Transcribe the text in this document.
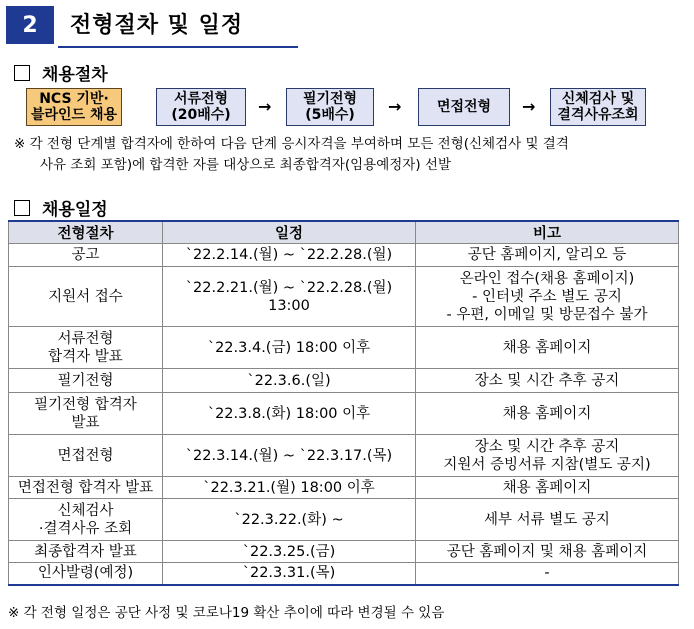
2	전형절차 및 일정
채용절차
NCS 기반·
블라인드 채용
서류전형
(20배수)	→	필기전형
(5배수)	→	면접전형	→	신체검사 및
결격사유조회
※ 각 전형 단계별 합격자에 한하여 다음 단계 응시자격을 부여하며 모든 전형(신체검사 및 결격
사유 조회 포함)에 합격한 자를 대상으로 최종합격자(임용예정자) 선발
채용일정
전형절차	일정	비고
공고	`22.2.14.(월) ~ `22.2.28.(월)	공단 홈페이지, 알리오 등
지원서 접수	`22.2.21.(월) ~ `22.2.28.(월) 13:00	온라인 접수(채용 홈페이지)
- 인터넷 주소 별도 공지
- 우편, 이메일 및 방문접수 불가
서류전형
합격자 발표	`22.3.4.(금) 18:00 이후	채용 홈페이지
필기전형	`22.3.6.(일)	장소 및 시간 추후 공지
필기전형 합격자
발표	`22.3.8.(화) 18:00 이후	채용 홈페이지
면접전형	`22.3.14.(월) ~ `22.3.17.(목)	장소 및 시간 추후 공지
지원서 증빙서류 지참(별도 공지)
면접전형 합격자 발표	`22.3.21.(월) 18:00 이후	채용 홈페이지
신체검사
·결격사유 조회	`22.3.22.(화) ~	세부 서류 별도 공지
최종합격자 발표	`22.3.25.(금)	공단 홈페이지 및 채용 홈페이지
인사발령(예정)	`22.3.31.(목)	-
※ 각 전형 일정은 공단 사정 및 코로나19 확산 추이에 따라 변경될 수 있음
